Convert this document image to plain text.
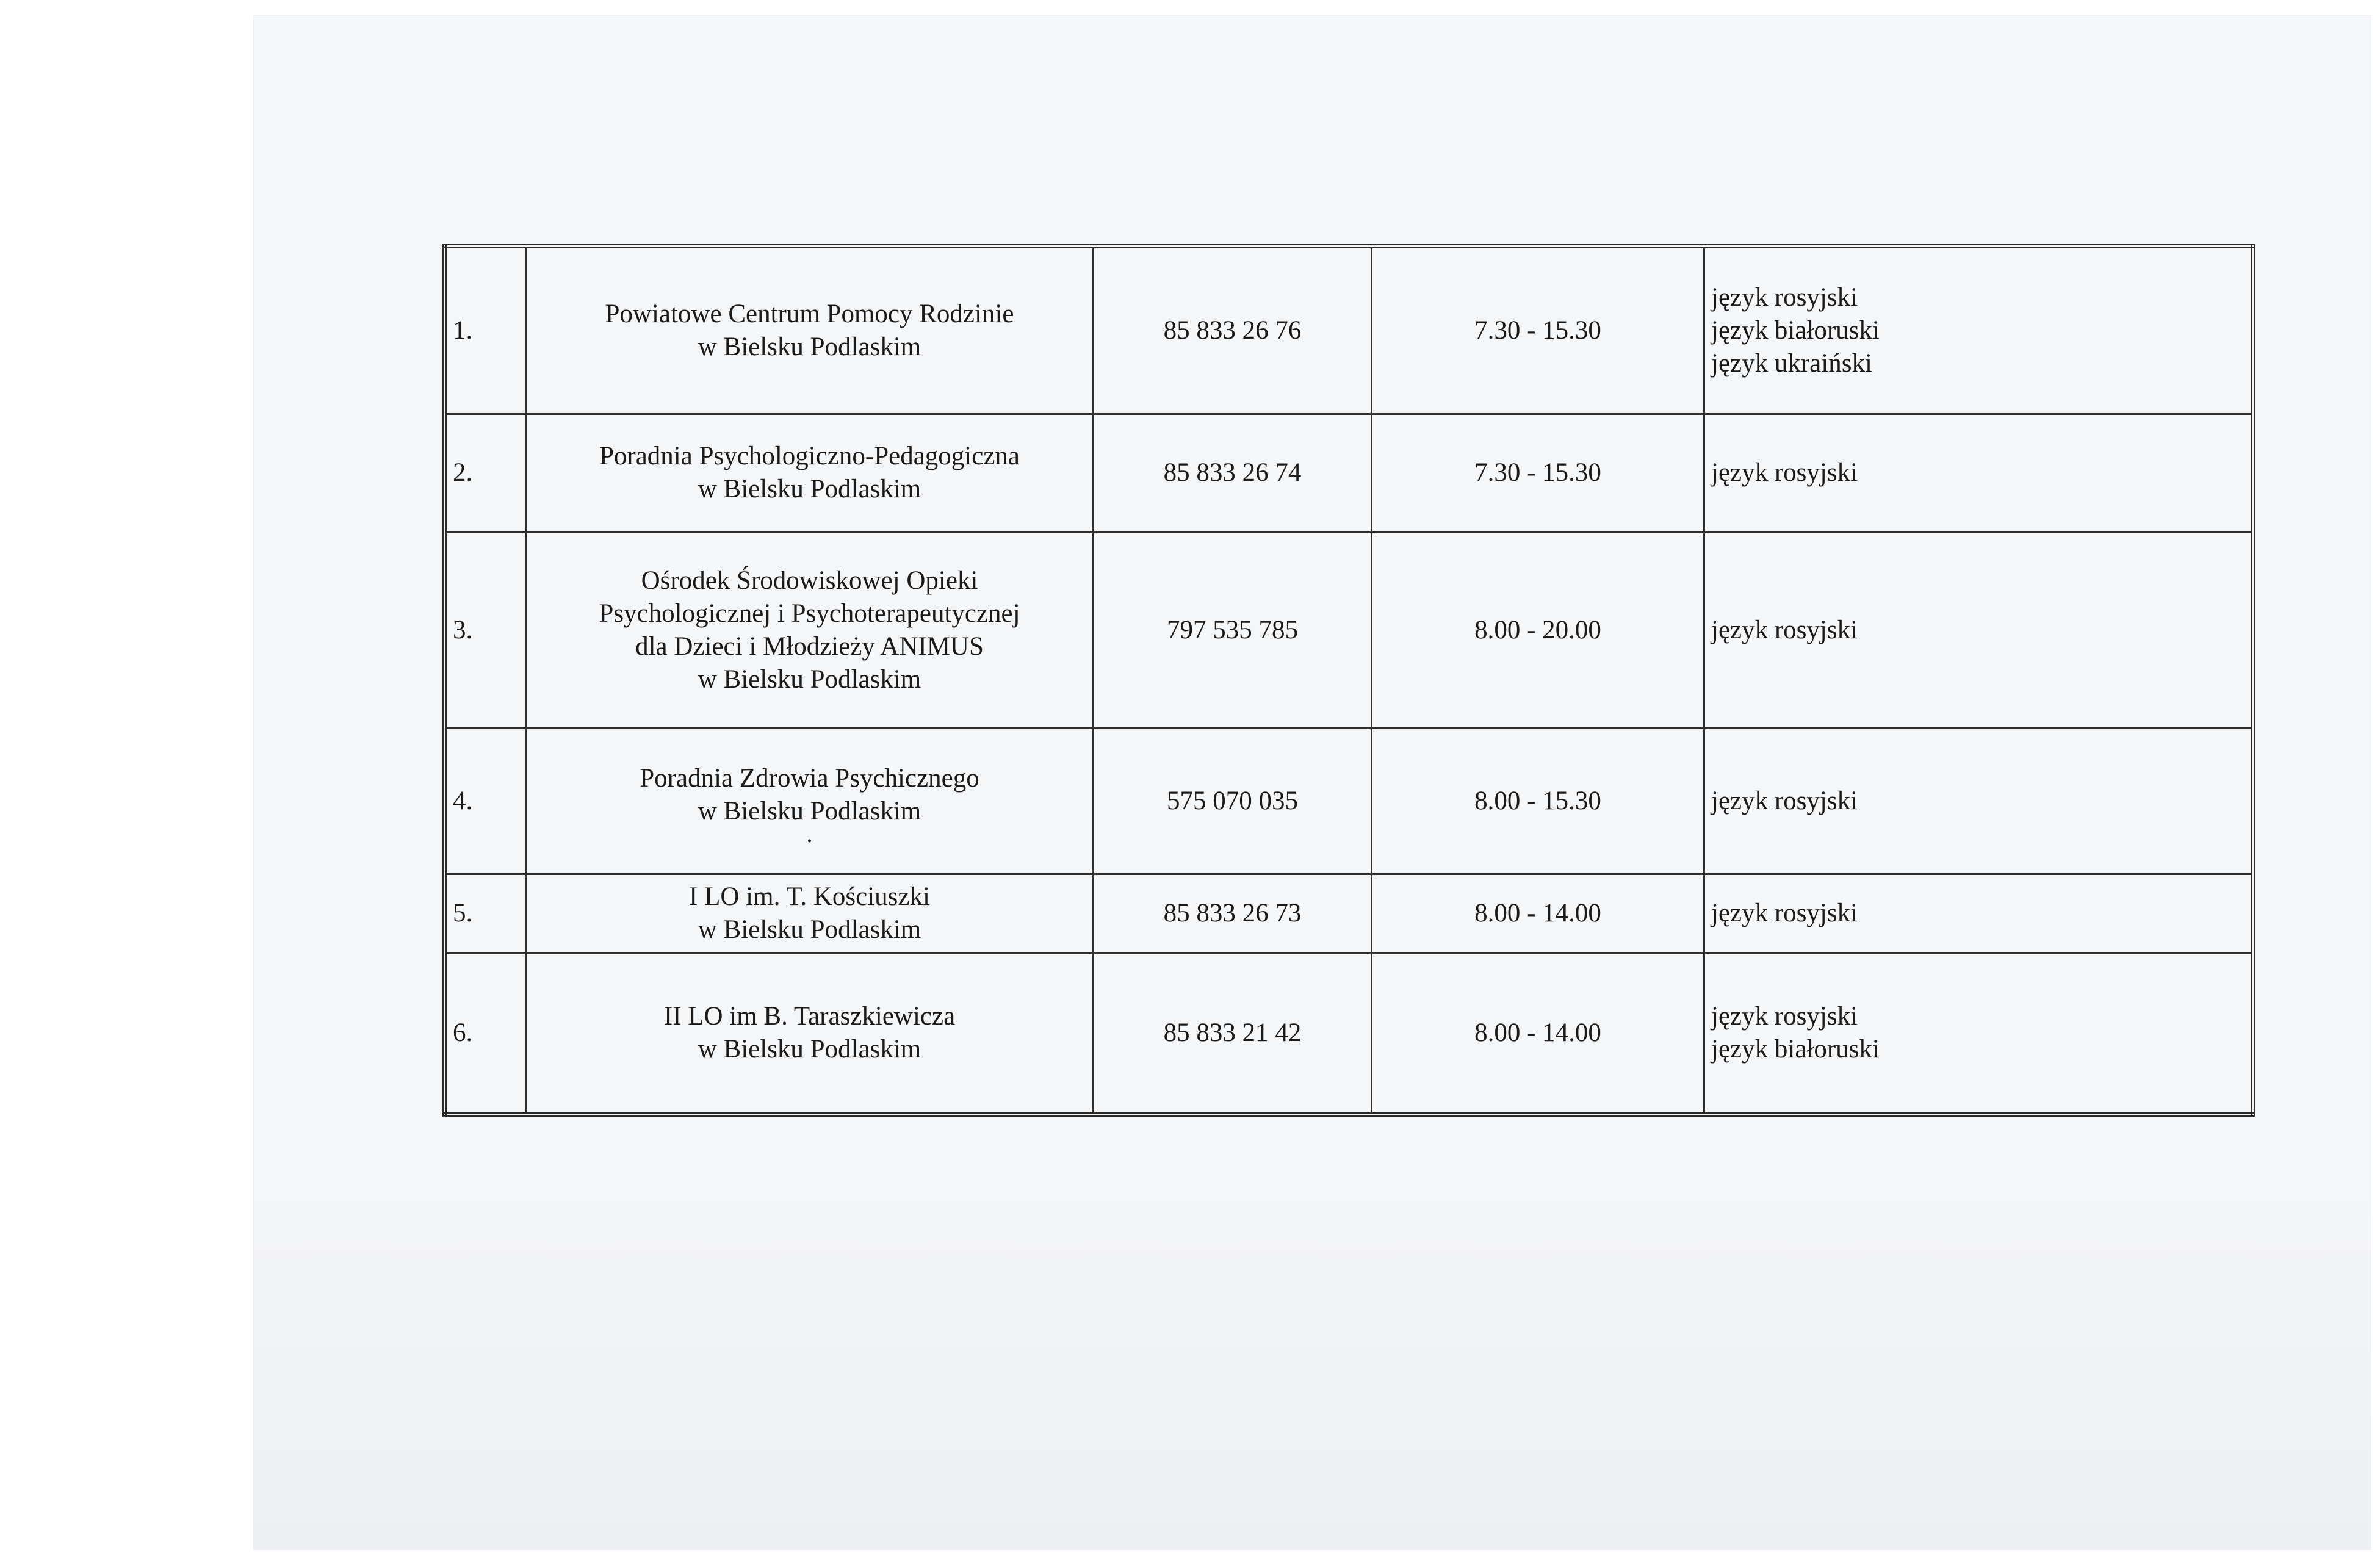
1.	Powiatowe Centrum Pomocy Rodzinie
w Bielsku Podlaskim	85 833 26 76	7.30 - 15.30	język rosyjski
język białoruski
język ukraiński

2.	Poradnia Psychologiczno-Pedagogiczna
w Bielsku Podlaskim	85 833 26 74	7.30 - 15.30	język rosyjski

3.	Ośrodek Środowiskowej Opieki
Psychologicznej i Psychoterapeutycznej
dla Dzieci i Młodzieży ANIMUS
w Bielsku Podlaskim	797 535 785	8.00 - 20.00	język rosyjski

4.	Poradnia Zdrowia Psychicznego
w Bielsku Podlaskim
.	575 070 035	8.00 - 15.30	język rosyjski

5.	I LO im. T. Kościuszki
w Bielsku Podlaskim	85 833 26 73	8.00 - 14.00	język rosyjski

6.	II LO im B. Taraszkiewicza
w Bielsku Podlaskim	85 833 21 42	8.00 - 14.00	język rosyjski
język białoruski
